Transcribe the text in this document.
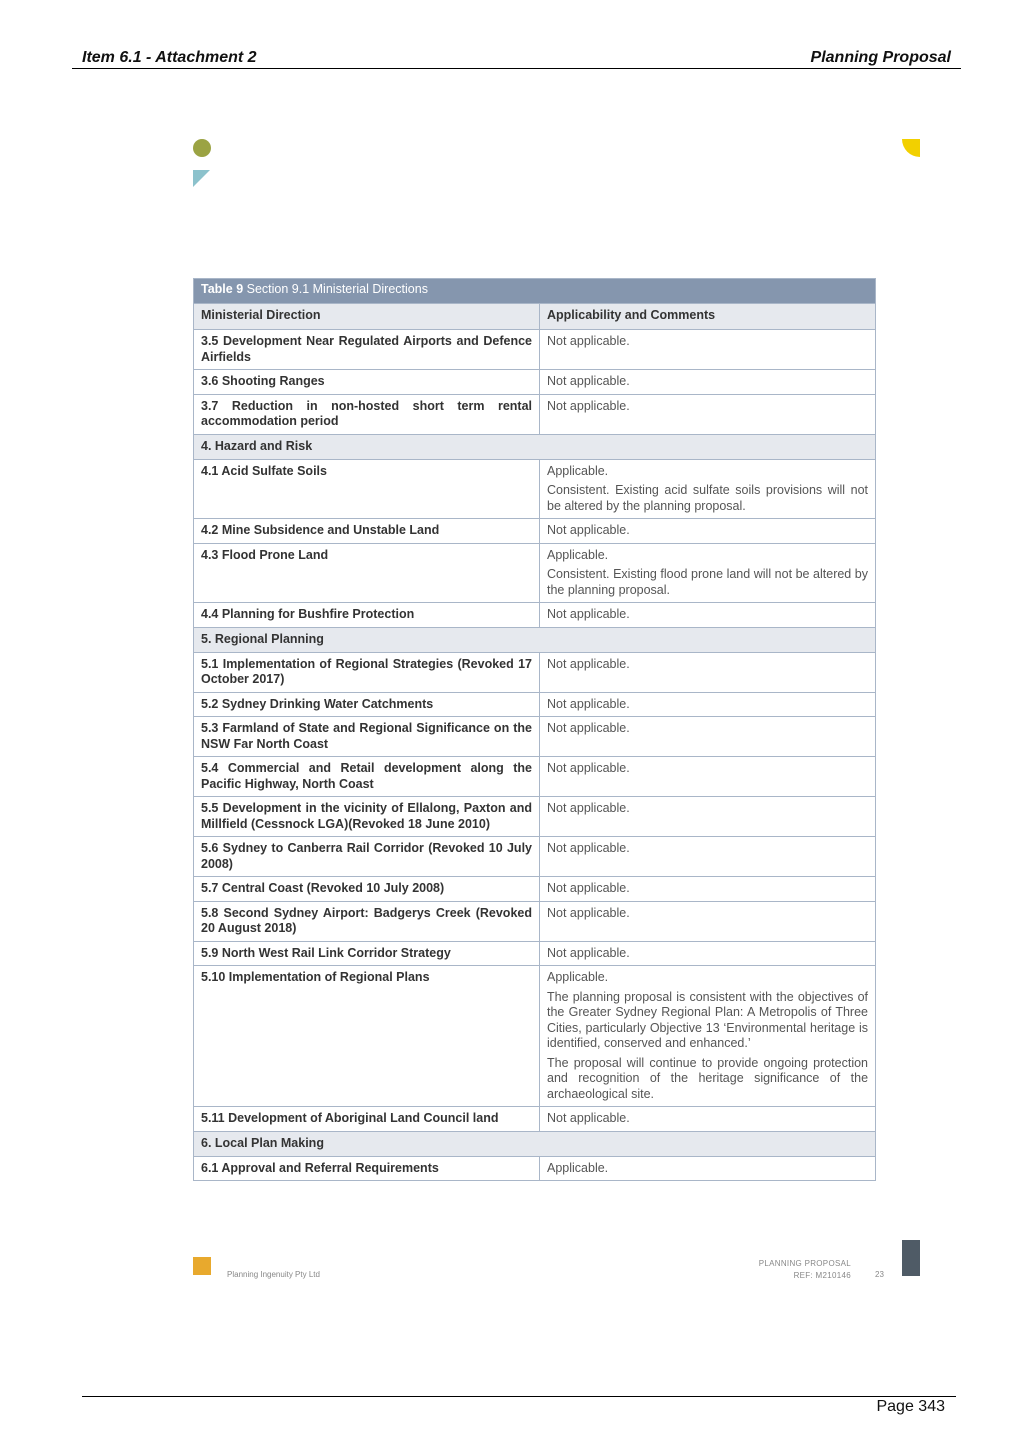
Item 6.1 - Attachment 2	Planning Proposal
Table 9 Section 9.1 Ministerial Directions	
Ministerial Direction	Applicability and Comments
3.5 Development Near Regulated Airports and Defence Airfields	Not applicable.

3.6 Shooting Ranges	Not applicable.

3.7 Reduction in non-hosted short term rental accommodation period	Not applicable.

4. Hazard and Risk	
4.1 Acid Sulfate Soils	Applicable.

Consistent. Existing acid sulfate soils provisions will not be altered by the planning proposal.

4.2 Mine Subsidence and Unstable Land	Not applicable.

4.3 Flood Prone Land	Applicable.

Consistent. Existing flood prone land will not be altered by the planning proposal.

4.4 Planning for Bushfire Protection	Not applicable.

5. Regional Planning	
5.1 Implementation of Regional Strategies (Revoked 17 October 2017)	Not applicable.

5.2 Sydney Drinking Water Catchments	Not applicable.

5.3 Farmland of State and Regional Significance on the NSW Far North Coast	Not applicable.

5.4 Commercial and Retail development along the Pacific Highway, North Coast	Not applicable.

5.5 Development in the vicinity of Ellalong, Paxton and Millfield (Cessnock LGA)(Revoked 18 June 2010)	Not applicable.

5.6 Sydney to Canberra Rail Corridor (Revoked 10 July 2008)	Not applicable.

5.7 Central Coast (Revoked 10 July 2008)	Not applicable.

5.8 Second Sydney Airport: Badgerys Creek (Revoked 20 August 2018)	Not applicable.

5.9 North West Rail Link Corridor Strategy	Not applicable.

5.10 Implementation of Regional Plans	Applicable.

The planning proposal is consistent with the objectives of the Greater Sydney Regional Plan: A Metropolis of Three Cities, particularly Objective 13 ‘Environmental heritage is identified, conserved and enhanced.’

The proposal will continue to provide ongoing protection and recognition of the heritage significance of the archaeological site.

5.11 Development of Aboriginal Land Council land	Not applicable.

6. Local Plan Making	
6.1 Approval and Referral Requirements	Applicable.

Planning Ingenuity Pty Ltd
PLANNING PROPOSAL
REF: M210146	23
Page 343
